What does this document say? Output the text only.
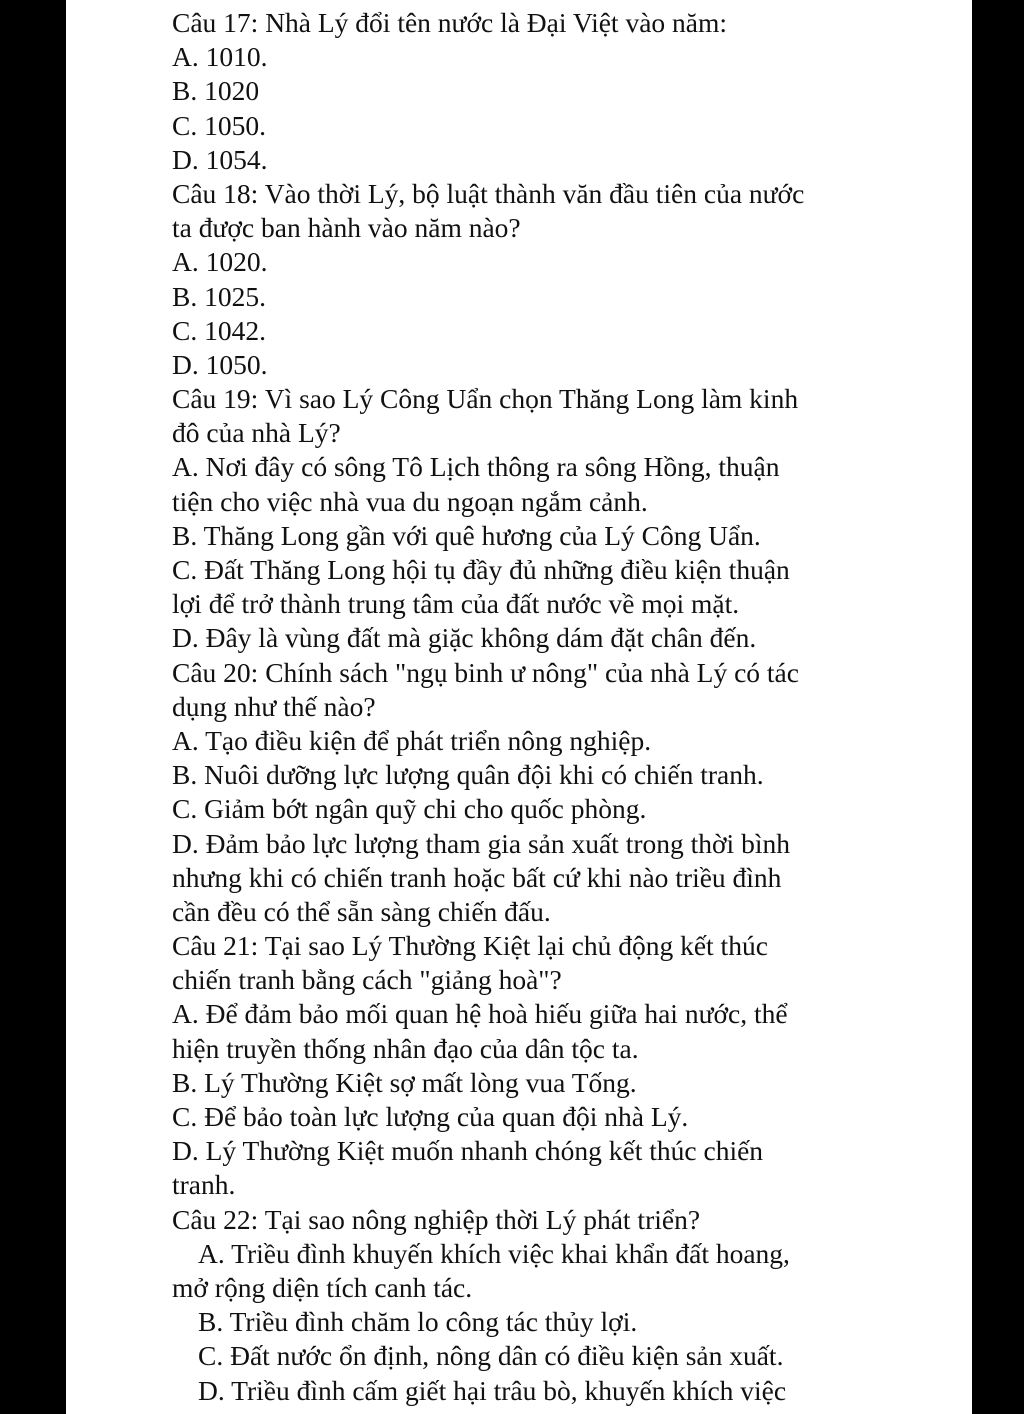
Câu 17: Nhà Lý đổi tên nước là Đại Việt vào năm:
A. 1010.
B. 1020
C. 1050.
D. 1054.
Câu 18: Vào thời Lý, bộ luật thành văn đầu tiên của nước
ta được ban hành vào năm nào?
A. 1020.
B. 1025.
C. 1042.
D. 1050.
Câu 19: Vì sao Lý Công Uẩn chọn Thăng Long làm kinh
đô của nhà Lý?
A. Nơi đây có sông Tô Lịch thông ra sông Hồng, thuận
tiện cho việc nhà vua du ngoạn ngắm cảnh.
B. Thăng Long gần với quê hương của Lý Công Uẩn.
C. Đất Thăng Long hội tụ đầy đủ những điều kiện thuận
lợi để trở thành trung tâm của đất nước về mọi mặt.
D. Đây là vùng đất mà giặc không dám đặt chân đến.
Câu 20: Chính sách "ngụ binh ư nông" của nhà Lý có tác
dụng như thế nào?
A. Tạo điều kiện để phát triển nông nghiệp.
B. Nuôi dưỡng lực lượng quân đội khi có chiến tranh.
C. Giảm bớt ngân quỹ chi cho quốc phòng.
D. Đảm bảo lực lượng tham gia sản xuất trong thời bình
nhưng khi có chiến tranh hoặc bất cứ khi nào triều đình
cần đều có thể sẵn sàng chiến đấu.
Câu 21: Tại sao Lý Thường Kiệt lại chủ động kết thúc
chiến tranh bằng cách "giảng hoà"?
A. Để đảm bảo mối quan hệ hoà hiếu giữa hai nước, thể
hiện truyền thống nhân đạo của dân tộc ta.
B. Lý Thường Kiệt sợ mất lòng vua Tống.
C. Để bảo toàn lực lượng của quan đội nhà Lý.
D. Lý Thường Kiệt muốn nhanh chóng kết thúc chiến
tranh.
Câu 22: Tại sao nông nghiệp thời Lý phát triển?
A. Triều đình khuyến khích việc khai khẩn đất hoang,
mở rộng diện tích canh tác.
B. Triều đình chăm lo công tác thủy lợi.
C. Đất nước ổn định, nông dân có điều kiện sản xuất.
D. Triều đình cấm giết hại trâu bò, khuyến khích việc
